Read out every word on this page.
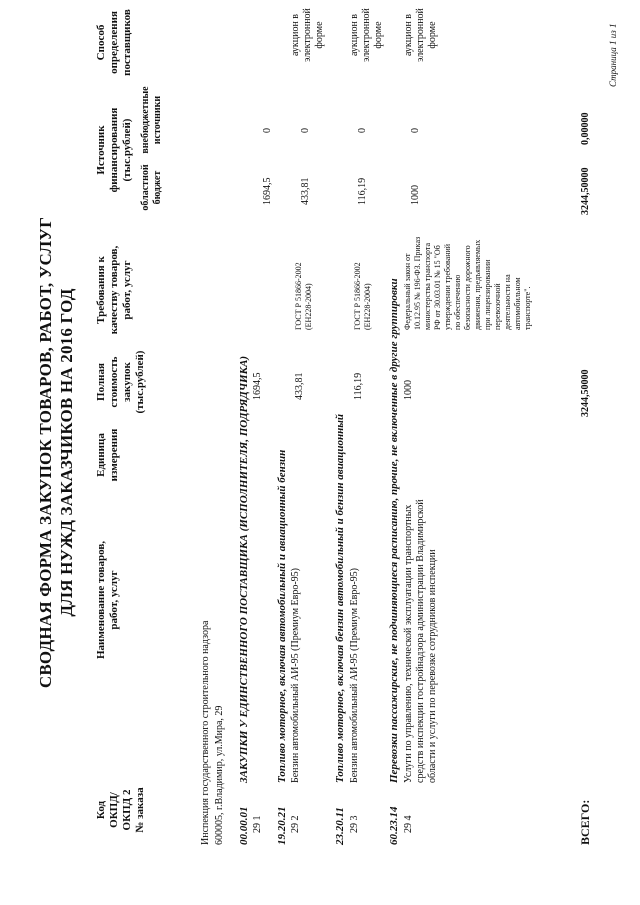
СВОДНАЯ ФОРМА ЗАКУПОК ТОВАРОВ, РАБОТ, УСЛУГ ДЛЯ НУЖД ЗАКАЗЧИКОВ НА 2016 ГОД
Код ОКПД/ ОКПД 2 № заказа
Наименование товаров, работ, услуг
Единица измерения
Полная стоимость закупок (тыс.рублей)
Требования к качеству товаров, работ, услуг
Источник финансирования (тыс.рублей)
областной бюджет
внебюджетные источники
Способ определения поставщиков
Инспекция государственного строительного надзора 600005, г.Владимир, ул.Мира, 29 00.00.01
ЗАКУПКИ У ЕДИНСТВЕННОГО ПОСТАВЩИКА (ИСПОЛНИТЕЛЯ, ПОДРЯДЧИКА)
29 1
1694,5
1694,5
0
19.20.21
Топливо моторное, включая автомобильный и авиационный бензин
29 2
Бензин автомобильный АИ-95 (Премиум Евро-95)
433,81
ГОСТ Р 51866-2002 (ЕН228-2004)
433,81
0
аукцион в электронной форме
23.20.11
Топливо моторное, включая бензин автомобильный и бензин авиационный
29 3
Бензин автомобильный АИ-95 (Премиум Евро-95)
116,19
ГОСТ Р 51866-2002 (ЕН228-2004)
116,19
0
аукцион в электронной форме
60.23.14
Перевозки пассажирские, не подчиняющиеся расписанию, прочие, не включенные в другие группировки
29 4
Услуги по управлению, технической эксплуатации транспортных средств инспекции гостройнадзора администрации Владимирской области и услуги по перевозке сотрудников инспекции
1000
Федеральный закон от 10.12.95 № 196-ФЗ. Приказ министерства транспорта РФ от 30.03.01 № 15 "Об утверждении требований по обеспечению безопасности дорожного движения, предъявляемых при лицензировании перевозочной деятельности на автомобильном транспорте".
1000
0
аукцион в электронной форме
ВСЕГО:
3244,50000
3244,50000
0,00000
Страница 1 из 1
